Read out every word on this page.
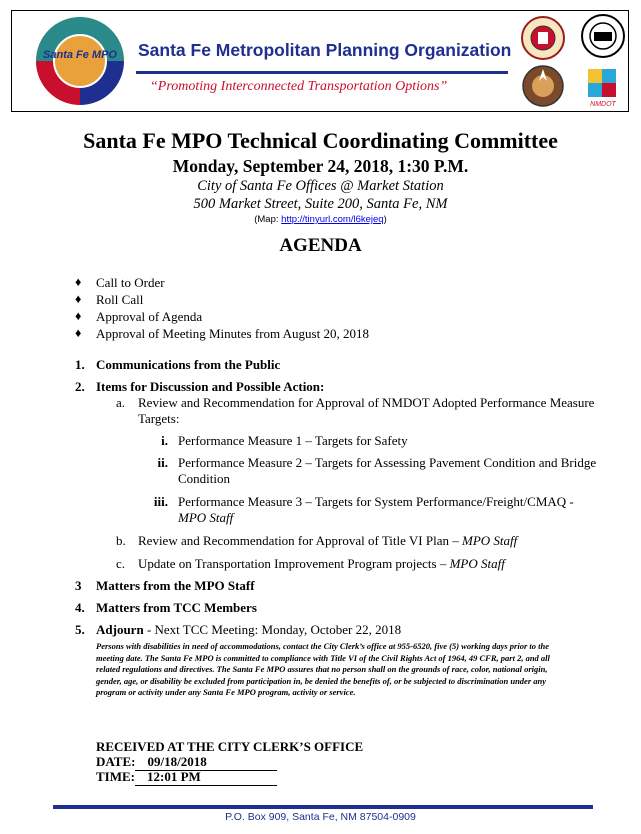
Santa Fe MPO Santa Fe Metropolitan Planning Organization
“Promoting Interconnected Transportation Options”
NMDOT
Santa Fe MPO Technical Coordinating Committee
Monday, September 24, 2018, 1:30 P.M.
City of Santa Fe Offices @ Market Station
500 Market Street, Suite 200, Santa Fe, NM
(Map: http://tinyurl.com/l6kejeq)
AGENDA
♦ Call to Order
♦ Roll Call
♦ Approval of Agenda
♦ Approval of Meeting Minutes from August 20, 2018
1. Communications from the Public
2. Items for Discussion and Possible Action:
a. Review and Recommendation for Approval of NMDOT Adopted Performance Measure Targets:
i. Performance Measure 1 – Targets for Safety
ii. Performance Measure 2 – Targets for Assessing Pavement Condition and Bridge Condition
iii. Performance Measure 3 – Targets for System Performance/Freight/CMAQ - MPO Staff
b. Review and Recommendation for Approval of Title VI Plan – MPO Staff
c. Update on Transportation Improvement Program projects – MPO Staff
3 Matters from the MPO Staff
4. Matters from TCC Members
5. Adjourn - Next TCC Meeting: Monday, October 22, 2018
Persons with disabilities in need of accommodations, contact the City Clerk’s office at 955-6520, five (5) working days prior to the meeting date. The Santa Fe MPO is committed to compliance with Title VI of the Civil Rights Act of 1964, 49 CFR, part 2, and all related regulations and directives. The Santa Fe MPO assures that no person shall on the grounds of race, color, national origin, gender, age, or disability be excluded from participation in, be denied the benefits of, or be subjected to discrimination under any program or activity under any Santa Fe MPO program, activity or service.
RECEIVED AT THE CITY CLERK’S OFFICE
DATE: 09/18/2018
TIME: 12:01 PM
P.O. Box 909, Santa Fe, NM 87504-0909
